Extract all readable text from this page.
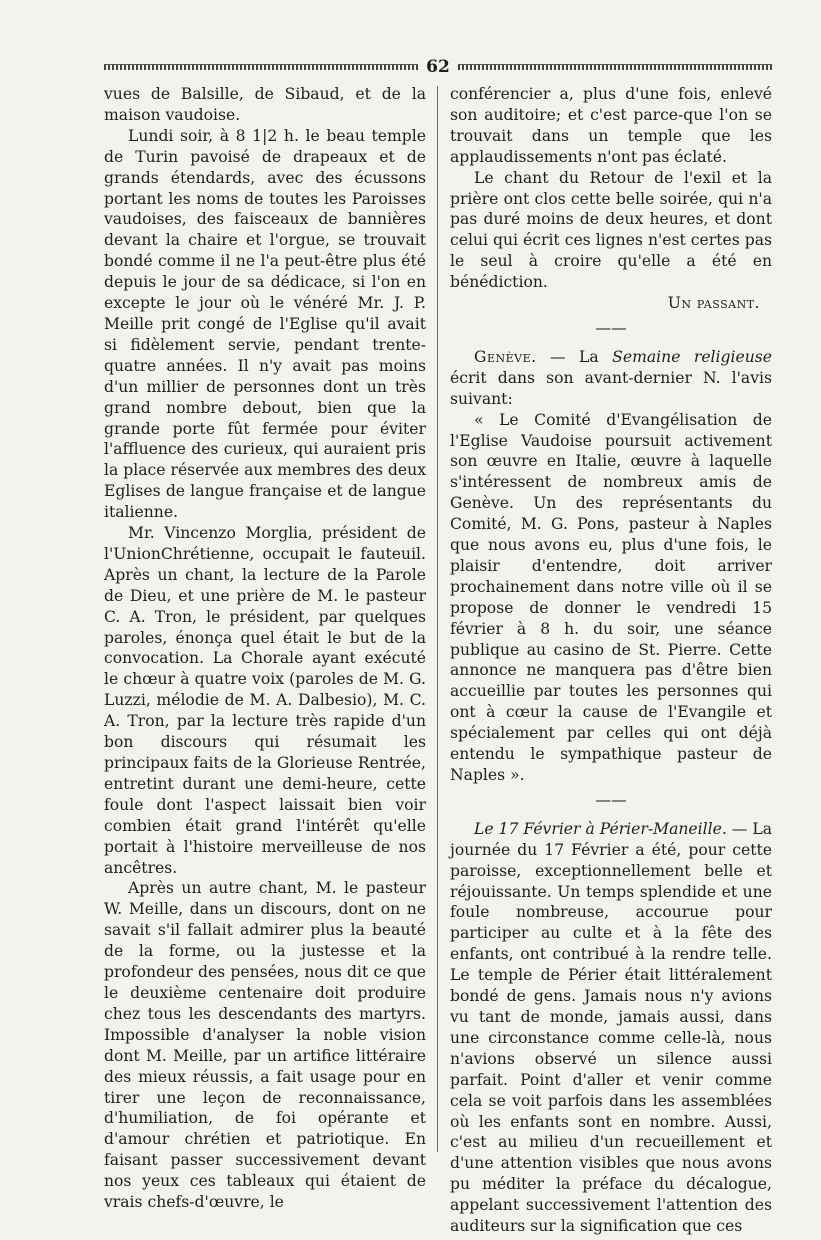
62

vues de Balsille, de Sibaud, et de la maison vaudoise.

Lundi soir, à 8 1|2 h. le beau temple de Turin pavoisé de drapeaux et de grands étendards, avec des écussons portant les noms de toutes les Paroisses vaudoises, des faisceaux de bannières devant la chaire et l'orgue, se trouvait bondé comme il ne l'a peut-être plus été depuis le jour de sa dédicace, si l'on en excepte le jour où le vénéré Mr. J. P. Meille prit congé de l'Eglise qu'il avait si fidèlement servie, pendant trente-quatre années. Il n'y avait pas moins d'un millier de personnes dont un très grand nombre debout, bien que la grande porte fût fermée pour éviter l'affluence des curieux, qui auraient pris la place réservée aux membres des deux Eglises de langue française et de langue italienne.

Mr. Vincenzo Morglia, président de l'UnionChrétienne, occupait le fauteuil. Après un chant, la lecture de la Parole de Dieu, et une prière de M. le pasteur C. A. Tron, le président, par quelques paroles, énonça quel était le but de la convocation. La Chorale ayant exécuté le chœur à quatre voix (paroles de M. G. Luzzi, mélodie de M. A. Dalbesio), M. C. A. Tron, par la lecture très rapide d'un bon discours qui résumait les principaux faits de la Glorieuse Rentrée, entretint durant une demi-heure, cette foule dont l'aspect laissait bien voir combien était grand l'intérêt qu'elle portait à l'histoire merveilleuse de nos ancêtres.

Après un autre chant, M. le pasteur W. Meille, dans un discours, dont on ne savait s'il fallait admirer plus la beauté de la forme, ou la justesse et la profondeur des pensées, nous dit ce que le deuxième centenaire doit produire chez tous les descendants des martyrs. Impossible d'analyser la noble vision dont M. Meille, par un artifice littéraire des mieux réussis, a fait usage pour en tirer une leçon de reconnaissance, d'humiliation, de foi opérante et d'amour chrétien et patriotique. En faisant passer successivement devant nos yeux ces tableaux qui étaient de vrais chefs-d'œuvre, le

conférencier a, plus d'une fois, enlevé son auditoire; et c'est parce-que l'on se trouvait dans un temple que les applaudissements n'ont pas éclaté.

Le chant du Retour de l'exil et la prière ont clos cette belle soirée, qui n'a pas duré moins de deux heures, et dont celui qui écrit ces lignes n'est certes pas le seul à croire qu'elle a été en bénédiction.

Un passant.

——

Genève. — La Semaine religieuse écrit dans son avant-dernier N. l'avis suivant:

« Le Comité d'Evangélisation de l'Eglise Vaudoise poursuit activement son œuvre en Italie, œuvre à laquelle s'intéressent de nombreux amis de Genève. Un des représentants du Comité, M. G. Pons, pasteur à Naples que nous avons eu, plus d'une fois, le plaisir d'entendre, doit arriver prochainement dans notre ville où il se propose de donner le vendredi 15 février à 8 h. du soir, une séance publique au casino de St. Pierre. Cette annonce ne manquera pas d'être bien accueillie par toutes les personnes qui ont à cœur la cause de l'Evangile et spécialement par celles qui ont déjà entendu le sympathique pasteur de Naples ».

——

Le 17 Février à Périer-Maneille. — La journée du 17 Février a été, pour cette paroisse, exceptionnellement belle et réjouissante. Un temps splendide et une foule nombreuse, accourue pour participer au culte et à la fête des enfants, ont contribué à la rendre telle. Le temple de Périer était littéralement bondé de gens. Jamais nous n'y avions vu tant de monde, jamais aussi, dans une circonstance comme celle-là, nous n'avions observé un silence aussi parfait. Point d'aller et venir comme cela se voit parfois dans les assemblées où les enfants sont en nombre. Aussi, c'est au milieu d'un recueillement et d'une attention visibles que nous avons pu méditer la préface du décalogue, appelant successivement l'attention des auditeurs sur la signification que ces
